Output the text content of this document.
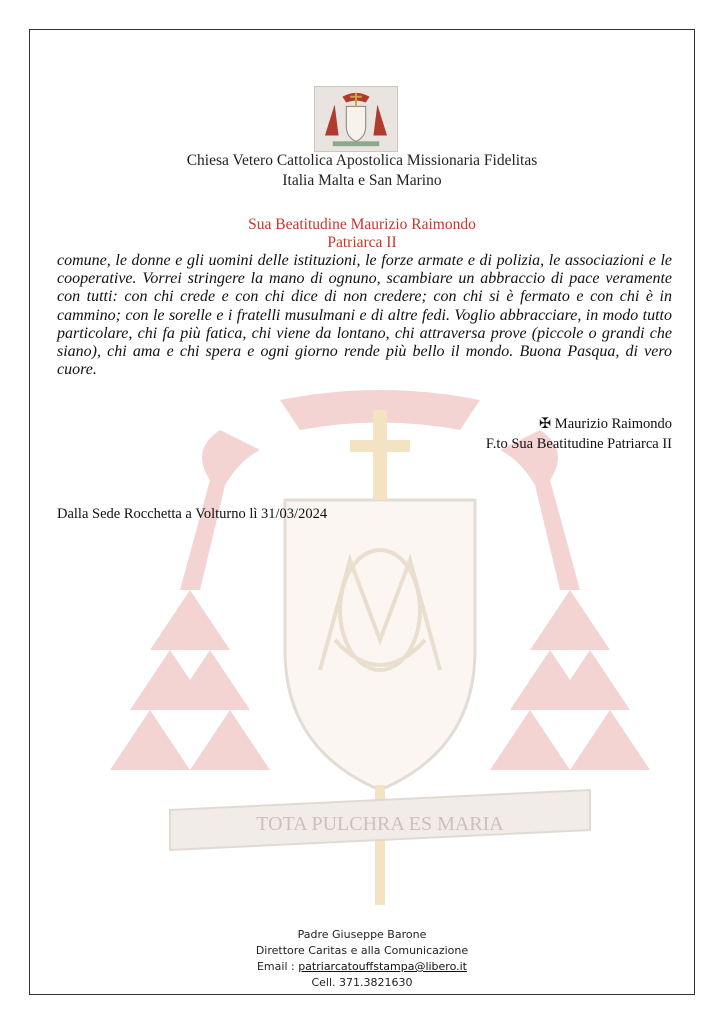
TOTA PULCHRA ES MARIA
Chiesa Vetero Cattolica Apostolica Missionaria Fidelitas
Italia Malta e San Marino
Sua Beatitudine Maurizio Raimondo
Patriarca II
comune, le donne e gli uomini delle istituzioni, le forze armate e di polizia, le associazioni e le cooperative. Vorrei stringere la mano di ognuno, scambiare un abbraccio di pace veramente con tutti: con chi crede e con chi dice di non credere; con chi si è fermato e con chi è in cammino; con le sorelle e i fratelli musulmani e di altre fedi. Voglio abbracciare, in modo tutto particolare, chi fa più fatica, chi viene da lontano, chi attraversa prove (piccole o grandi che siano), chi ama e chi spera e ogni giorno rende più bello il mondo. Buona Pasqua, di vero cuore.
✠ Maurizio Raimondo
F.to Sua Beatitudine Patriarca II
Dalla Sede Rocchetta a Volturno lì 31/03/2024
Padre Giuseppe Barone
Direttore Caritas e alla Comunicazione
Email : patriarcatouffstampa@libero.it
Cell. 371.3821630
